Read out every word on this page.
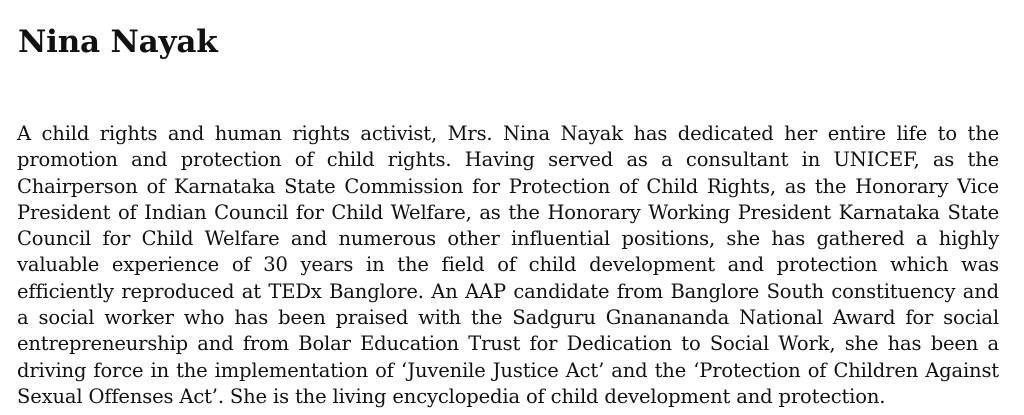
Nina Nayak

A child rights and human rights activist, Mrs. Nina Nayak has dedicated her entire life to the promotion and protection of child rights. Having served as a consultant in UNICEF, as the Chairperson of Karnataka State Commission for Protection of Child Rights, as the Honorary Vice President of Indian Council for Child Welfare, as the Honorary Working President Karnataka State Council for Child Welfare and numerous other influential positions, she has gathered a highly valuable experience of 30 years in the field of child development and protection which was efficiently reproduced at TEDx Banglore. An AAP candidate from Banglore South constituency and a social worker who has been praised with the Sadguru Gnanananda National Award for social entrepreneurship and from Bolar Education Trust for Dedication to Social Work, she has been a driving force in the implementation of ‘Juvenile Justice Act’ and the ‘Protection of Children Against Sexual Offenses Act’. She is the living encyclopedia of child development and protection.
